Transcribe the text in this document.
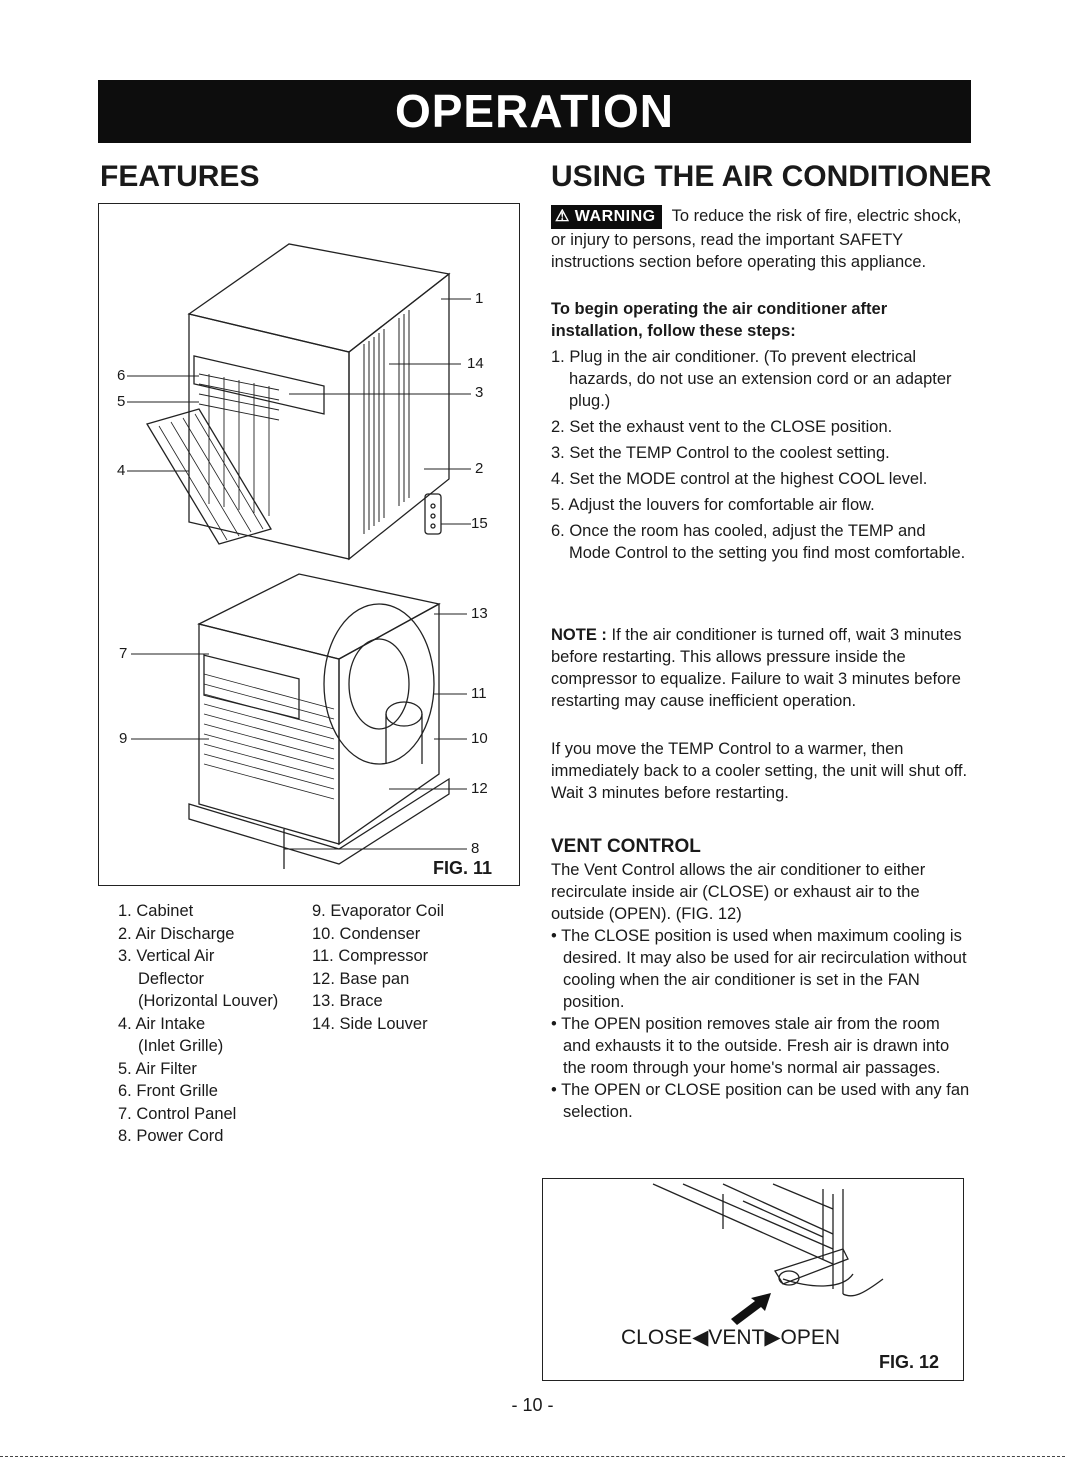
OPERATION
FEATURES	USING THE AIR CONDITIONER
1
14
3
2
15
6
5
4
13
7
11
9	10
12
8
FIG. 11
1. Cabinet
2. Air Discharge
3. Vertical Air
Deflector
(Horizontal Louver)
4. Air Intake
(Inlet Grille)
5. Air Filter
6. Front Grille
7. Control Panel
8. Power Cord
9. Evaporator Coil
10. Condenser
11. Compressor
12. Base pan
13. Brace
14. Side Louver
⚠ WARNING To reduce the risk of fire, electric shock, or injury to persons, read the important SAFETY instructions section before operating this appliance.
To begin operating the air conditioner after installation, follow these steps:
1. Plug in the air conditioner. (To prevent electrical hazards, do not use an extension cord or an adapter plug.)
2. Set the exhaust vent to the CLOSE position.
3. Set the TEMP Control to the coolest setting.
4. Set the MODE control at the highest COOL level.
5. Adjust the louvers for comfortable air flow.
6. Once the room has cooled, adjust the TEMP and Mode Control to the setting you find most comfortable.
NOTE : If the air conditioner is turned off, wait 3 minutes before restarting. This allows pressure inside the compressor to equalize. Failure to wait 3 minutes before restarting may cause inefficient operation.
If you move the TEMP Control to a warmer, then immediately back to a cooler setting, the unit will shut off. Wait 3 minutes before restarting.
VENT CONTROL
The Vent Control allows the air conditioner to either recirculate inside air (CLOSE) or exhaust air to the outside (OPEN). (FIG. 12)
• The CLOSE position is used when maximum cooling is desired. It may also be used for air recirculation without cooling when the air conditioner is set in the FAN position.
• The OPEN position removes stale air from the room and exhausts it to the outside. Fresh air is drawn into the room through your home's normal air passages.
• The OPEN or CLOSE position can be used with any fan selection.
CLOSE◀VENT▶OPEN
FIG. 12
- 10 -
